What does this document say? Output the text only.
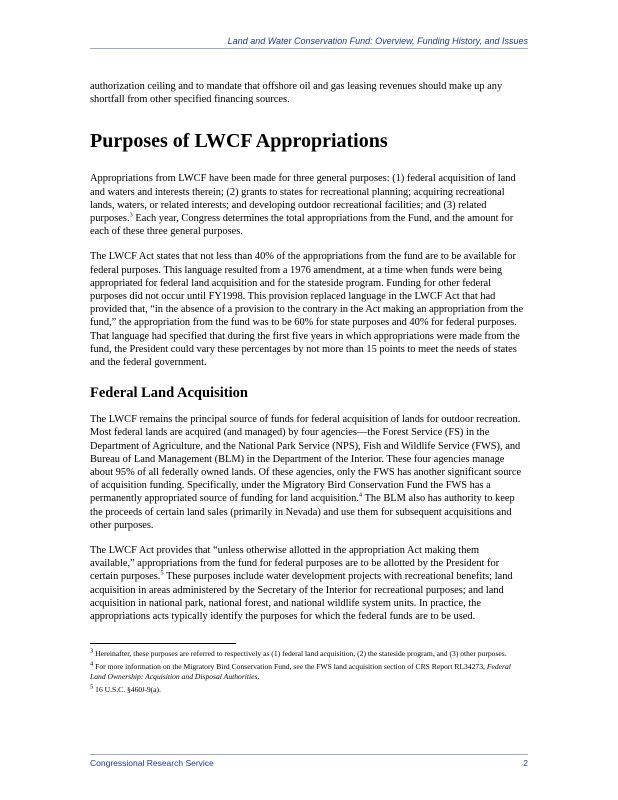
Land and Water Conservation Fund: Overview, Funding History, and Issues

authorization ceiling and to mandate that offshore oil and gas leasing revenues should make up any shortfall from other specified financing sources.

Purposes of LWCF Appropriations

Appropriations from LWCF have been made for three general purposes: (1) federal acquisition of land and waters and interests therein; (2) grants to states for recreational planning; acquiring recreational lands, waters, or related interests; and developing outdoor recreational facilities; and (3) related purposes.$^3$ Each year, Congress determines the total appropriations from the Fund, and the amount for each of these three general purposes.

The LWCF Act states that not less than 40% of the appropriations from the fund are to be available for federal purposes. This language resulted from a 1976 amendment, at a time when funds were being appropriated for federal land acquisition and for the stateside program. Funding for other federal purposes did not occur until FY1998. This provision replaced language in the LWCF Act that had provided that, “in the absence of a provision to the contrary in the Act making an appropriation from the fund,” the appropriation from the fund was to be 60% for state purposes and 40% for federal purposes. That language had specified that during the first five years in which appropriations were made from the fund, the President could vary these percentages by not more than 15 points to meet the needs of states and the federal government.

Federal Land Acquisition

The LWCF remains the principal source of funds for federal acquisition of lands for outdoor recreation. Most federal lands are acquired (and managed) by four agencies—the Forest Service (FS) in the Department of Agriculture, and the National Park Service (NPS), Fish and Wildlife Service (FWS), and Bureau of Land Management (BLM) in the Department of the Interior. These four agencies manage about 95% of all federally owned lands. Of these agencies, only the FWS has another significant source of acquisition funding. Specifically, under the Migratory Bird Conservation Fund the FWS has a permanently appropriated source of funding for land acquisition.$^4$ The BLM also has authority to keep the proceeds of certain land sales (primarily in Nevada) and use them for subsequent acquisitions and other purposes.

The LWCF Act provides that “unless otherwise allotted in the appropriation Act making them available,” appropriations from the fund for federal purposes are to be allotted by the President for certain purposes.$^5$ These purposes include water development projects with recreational benefits; land acquisition in areas administered by the Secretary of the Interior for recreational purposes; and land acquisition in national park, national forest, and national wildlife system units. In practice, the appropriations acts typically identify the purposes for which the federal funds are to be used.

$^3$ Hereinafter, these purposes are referred to respectively as (1) federal land acquisition, (2) the stateside program, and (3) other purposes.

$^4$ For more information on the Migratory Bird Conservation Fund, see the FWS land acquisition section of CRS Report RL34273, Federal Land Ownership: Acquisition and Disposal Authorities.

$^5$ 16 U.S.C. §460l-9(a).

Congressional Research Service	2
